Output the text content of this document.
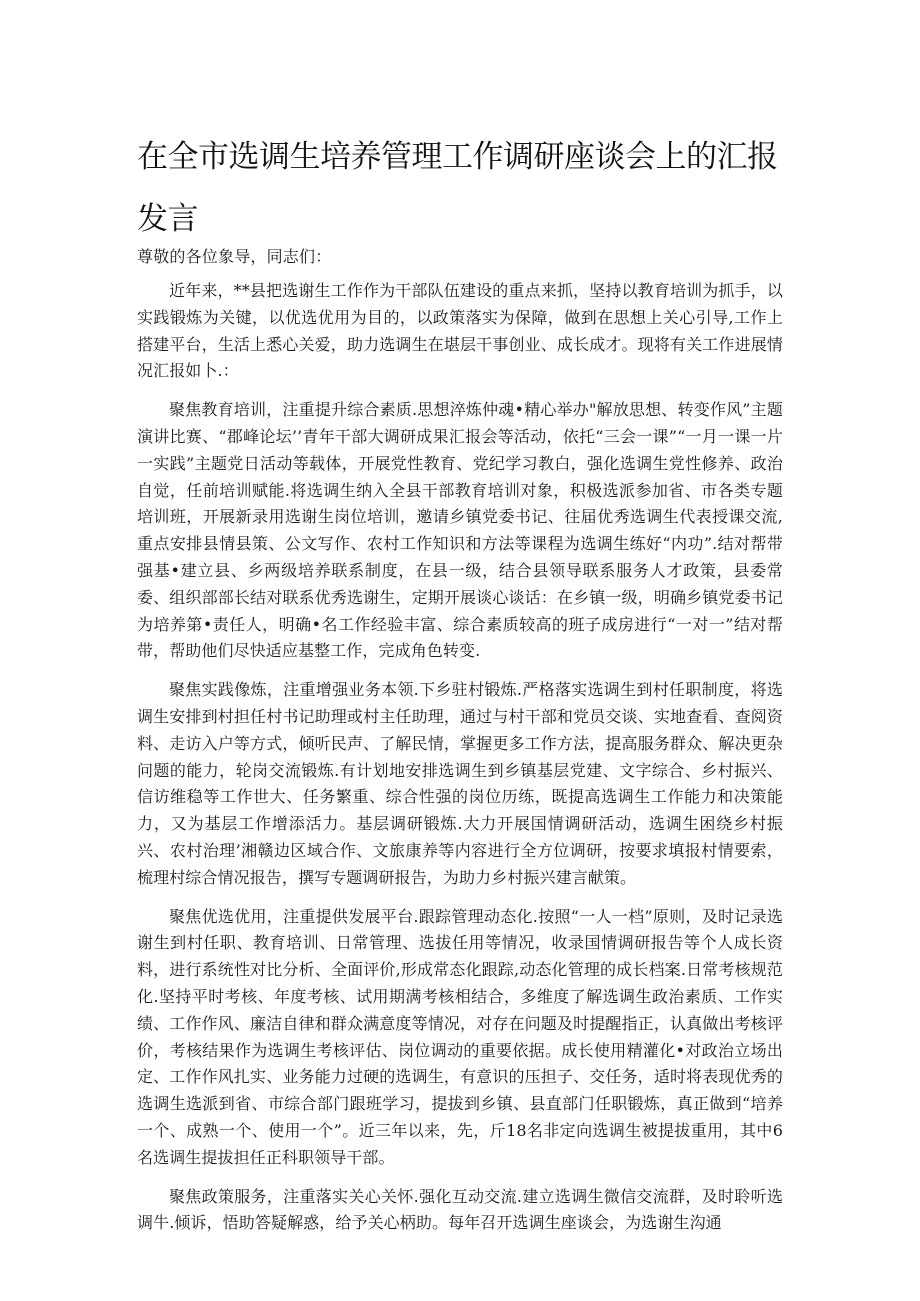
在全市选调生培养管理工作调研座谈会上的汇报发言

尊敬的各位象导，同志们：

近年来，**县把选谢生工作作为干部队伍建设的重点来抓，坚持以教育培训为抓手，以实践锻炼为关键，以优选优用为目的，以政策落实为保障，做到在思想上关心引导,工作上搭建平台，生活上悉心关爱，助力选调生在堪层干事创业、成长成才。现将有关工作进展情况汇报如卜.：

聚焦教育培训，注重提升综合素质.思想淬炼仲魂•精心举办"解放思想、转变作风”主题演讲比赛、“郡峰论坛’’青年干部大调研成果汇报会等活动，依托“三会一课”“一月一课一片一实践”主题党日活动等载体，开展党性教育、党纪学习教白，强化选调生党性修养、政治自觉，任前培训赋能.将选调生纳入全县干部教育培训对象，积极选派参加省、市各类专题培训班，开展新录用选谢生岗位培训，邀请乡镇党委书记、往届优秀选调生代表授课交流,重点安排县情县策、公文写作、农村工作知识和方法等课程为选调生练好“内功”.结对帮带强基•建立县、乡两级培养联系制度，在县一级，结合县领导联系服务人才政策，县委常委、组织部部长结对联系优秀选谢生，定期开展谈心谈话：在乡镇一级，明确乡镇党委书记为培养第•责任人，明确•名工作经验丰富、综合素质较高的班子成房进行“一对一”结对帮带，帮助他们尽快适应基整工作，完成角色转变.

聚焦实践像炼，注重增强业务本领.下乡驻村锻炼.严格落实选调生到村任职制度，将选调生安排到村担任村书记助理或村主任助理，通过与村干部和党员交谈、实地查看、查阅资料、走访入户等方式，倾听民声、了解民情，掌握更多工作方法，提高服务群众、解决更杂问题的能力，轮岗交流锻炼.有计划地安排选调生到乡镇基层党建、文字综合、乡村振兴、信访维稳等工作世大、任务繁重、综合性强的岗位历练，既提高选调生工作能力和决策能力，又为基层工作增添活力。基层调研锻炼.大力开展国情调研活动，选调生困绕乡村振兴、农村治理’湘赣边区域合作、文旅康养等内容进行全方位调研，按要求填报村情要索，梳理村综合情况报告，撰写专题调研报告，为助力乡村振兴建言献策。

聚焦优选优用，注重提供发展平台.跟踪管理动态化.按照“一人一档”原则，及时记录选谢生到村任职、教育培训、日常管理、选拔任用等情况，收录国情调研报告等个人成长资料，进行系统性对比分析、全面评价,形成常态化跟踪,动态化管理的成长档案.日常考核规范化.坚持平时考核、年度考核、试用期满考核相结合，多维度了解选调生政治素质、工作实绩、工作作风、廉洁自律和群众满意度等情况，对存在问题及时提醒指正，认真做出考核评价，考核结果作为选调生考核评估、岗位调动的重要依据。成长使用精灌化•对政治立场出定、工作作风扎实、业务能力过硬的选调生，有意识的压担子、交任务，适时将表现优秀的选调生选派到省、市综合部门跟班学习，提拔到乡镇、县直部门任职锻炼，真正做到“培养一个、成熟一个、使用一个”。近三年以来，先，斤18名非定向选调生被提拔重用，其中6名选调生提拔担任正科职领导干部。

聚焦政策服务，注重落实关心关怀.强化互动交流.建立选调生微信交流群，及时聆听选调牛.倾诉，悟助答疑解惑，给予关心柄助。每年召开选调生座谈会，为选谢生沟通
